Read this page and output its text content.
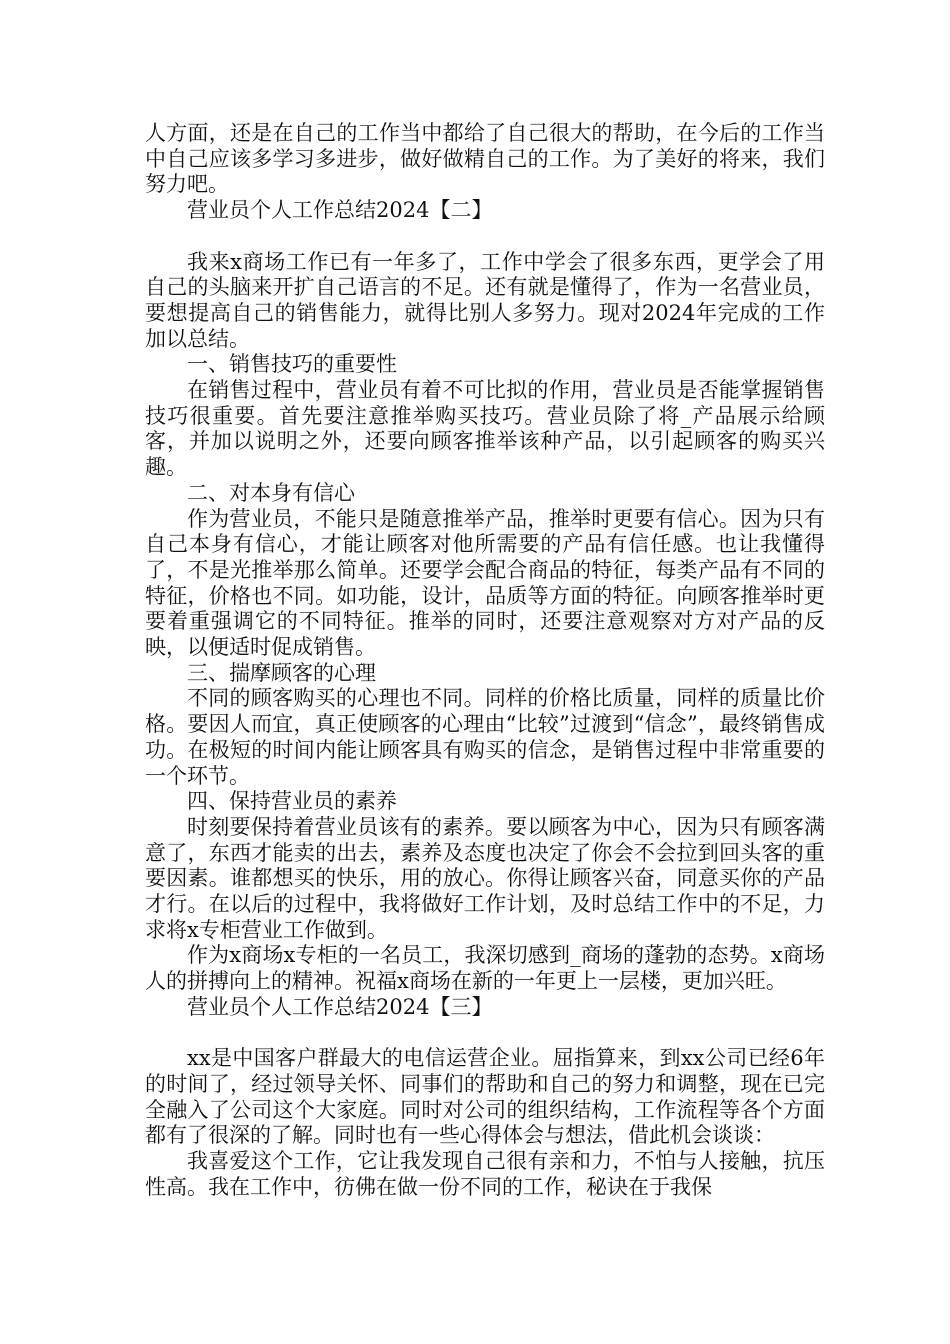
人方面，还是在自己的工作当中都给了自己很大的帮助，在今后的工作当中自己应该多学习多进步，做好做精自己的工作。为了美好的将来，我们努力吧。

营业员个人工作总结2024【二】

我来x商场工作已有一年多了，工作中学会了很多东西，更学会了用自己的头脑来开扩自己语言的不足。还有就是懂得了，作为一名营业员，要想提高自己的销售能力，就得比别人多努力。现对2024年完成的工作加以总结。

一、销售技巧的重要性

在销售过程中，营业员有着不可比拟的作用，营业员是否能掌握销售技巧很重要。首先要注意推举购买技巧。营业员除了将_产品展示给顾客，并加以说明之外，还要向顾客推举该种产品，以引起顾客的购买兴趣。

二、对本身有信心

作为营业员，不能只是随意推举产品，推举时更要有信心。因为只有自己本身有信心，才能让顾客对他所需要的产品有信任感。也让我懂得了，不是光推举那么简单。还要学会配合商品的特征，每类产品有不同的特征，价格也不同。如功能，设计，品质等方面的特征。向顾客推举时更要着重强调它的不同特征。推举的同时，还要注意观察对方对产品的反映，以便适时促成销售。

三、揣摩顾客的心理

不同的顾客购买的心理也不同。同样的价格比质量，同样的质量比价格。要因人而宜，真正使顾客的心理由“比较”过渡到“信念”，最终销售成功。在极短的时间内能让顾客具有购买的信念，是销售过程中非常重要的一个环节。

四、保持营业员的素养

时刻要保持着营业员该有的素养。要以顾客为中心，因为只有顾客满意了，东西才能卖的出去，素养及态度也决定了你会不会拉到回头客的重要因素。谁都想买的快乐，用的放心。你得让顾客兴奋，同意买你的产品才行。在以后的过程中，我将做好工作计划，及时总结工作中的不足，力求将x专柜营业工作做到。

作为x商场x专柜的一名员工，我深切感到_商场的蓬勃的态势。x商场人的拼搏向上的精神。祝福x商场在新的一年更上一层楼，更加兴旺。

营业员个人工作总结2024【三】

xx是中国客户群最大的电信运营企业。屈指算来，到xx公司已经6年的时间了，经过领导关怀、同事们的帮助和自己的努力和调整，现在已完全融入了公司这个大家庭。同时对公司的组织结构，工作流程等各个方面都有了很深的了解。同时也有一些心得体会与想法，借此机会谈谈：

我喜爱这个工作，它让我发现自己很有亲和力，不怕与人接触，抗压性高。我在工作中，彷佛在做一份不同的工作，秘诀在于我保
